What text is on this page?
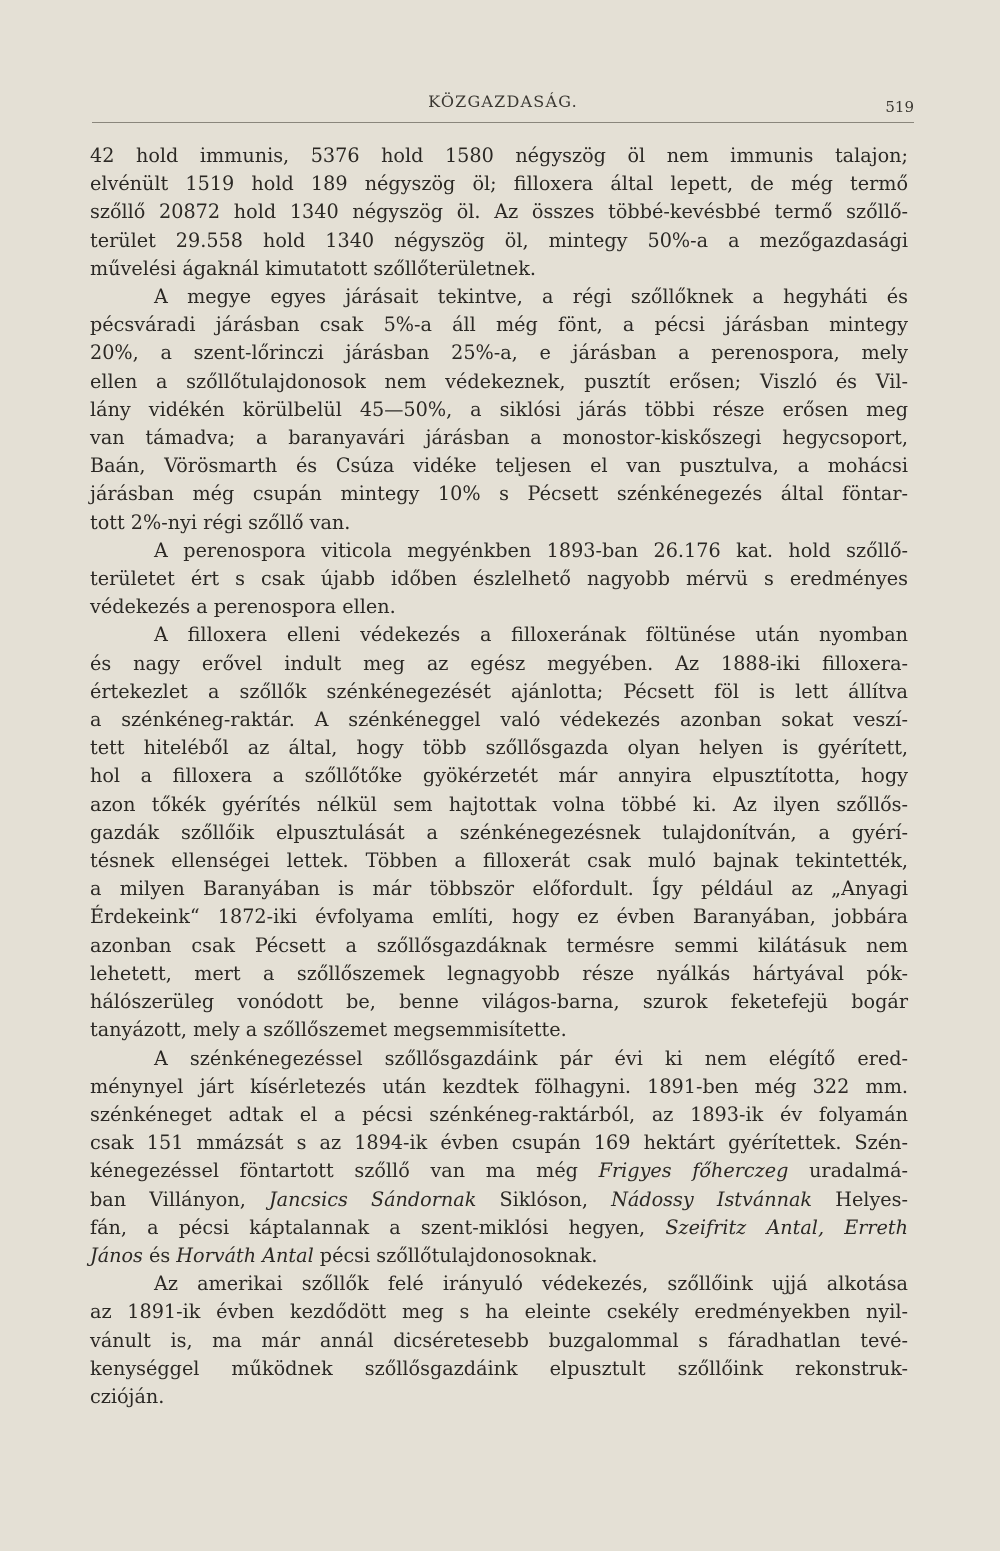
KÖZGAZDASÁG.	519
42 hold immunis, 5376 hold 1580 négyszög öl nem immunis talajon;
elvénült 1519 hold 189 négyszög öl; filloxera által lepett, de még termő
szőllő 20872 hold 1340 négyszög öl. Az összes többé-kevésbbé termő szőllő-
terület 29.558 hold 1340 négyszög öl, mintegy 50%-a a mezőgazdasági
művelési ágaknál kimutatott szőllőterületnek.
A megye egyes járásait tekintve, a régi szőllőknek a hegyháti és
pécsváradi járásban csak 5%-a áll még fönt, a pécsi járásban mintegy
20%, a szent-lőrinczi járásban 25%-a, e járásban a perenospora, mely
ellen a szőllőtulajdonosok nem védekeznek, pusztít erősen; Viszló és Vil-
lány vidékén körülbelül 45—50%, a siklósi járás többi része erősen meg
van támadva; a baranyavári járásban a monostor-kiskőszegi hegycsoport,
Baán, Vörösmarth és Csúza vidéke teljesen el van pusztulva, a mohácsi
járásban még csupán mintegy 10% s Pécsett szénkénegezés által föntar-
tott 2%-nyi régi szőllő van.
A perenospora viticola megyénkben 1893-ban 26.176 kat. hold szőllő-
területet ért s csak újabb időben észlelhető nagyobb mérvü s eredményes
védekezés a perenospora ellen.
A filloxera elleni védekezés a filloxerának föltünése után nyomban
és nagy erővel indult meg az egész megyében. Az 1888-iki filloxera-
értekezlet a szőllők szénkénegezését ajánlotta; Pécsett föl is lett állítva
a szénkéneg-raktár. A szénkéneggel való védekezés azonban sokat veszí-
tett hiteléből az által, hogy több szőllősgazda olyan helyen is gyérített,
hol a filloxera a szőllőtőke gyökérzetét már annyira elpusztította, hogy
azon tőkék gyérítés nélkül sem hajtottak volna többé ki. Az ilyen szőllős-
gazdák szőllőik elpusztulását a szénkénegezésnek tulajdonítván, a gyérí-
tésnek ellenségei lettek. Többen a filloxerát csak muló bajnak tekintették,
a milyen Baranyában is már többször előfordult. Így például az „Anyagi
Érdekeink“ 1872-iki évfolyama említi, hogy ez évben Baranyában, jobbára
azonban csak Pécsett a szőllősgazdáknak termésre semmi kilátásuk nem
lehetett, mert a szőllőszemek legnagyobb része nyálkás hártyával pók-
hálószerüleg vonódott be, benne világos-barna, szurok feketefejü bogár
tanyázott, mely a szőllőszemet megsemmisítette.
A szénkénegezéssel szőllősgazdáink pár évi ki nem elégítő ered-
ménynyel járt kísérletezés után kezdtek fölhagyni. 1891-ben még 322 mm.
szénkéneget adtak el a pécsi szénkéneg-raktárból, az 1893-ik év folyamán
csak 151 mmázsát s az 1894-ik évben csupán 169 hektárt gyérítettek. Szén-
kénegezéssel föntartott szőllő van ma még Frigyes főherczeg uradalmá-
ban Villányon, Jancsics Sándornak Siklóson, Nádossy Istvánnak Helyes-
fán, a pécsi káptalannak a szent-miklósi hegyen, Szeifritz Antal, Erreth
János és Horváth Antal pécsi szőllőtulajdonosoknak.
Az amerikai szőllők felé irányuló védekezés, szőllőink ujjá alkotása
az 1891-ik évben kezdődött meg s ha eleinte csekély eredményekben nyil-
vánult is, ma már annál dicséretesebb buzgalommal s fáradhatlan tevé-
kenységgel működnek szőllősgazdáink elpusztult szőllőink rekonstruk-
czióján.
